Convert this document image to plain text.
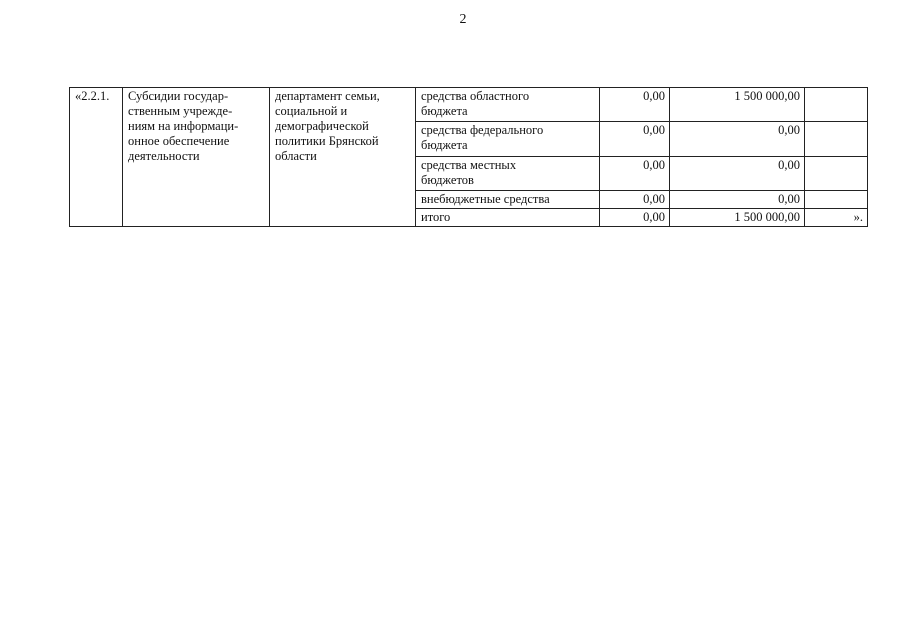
2
«2.2.1.	Субсидии государ-
ственным учрежде-
ниям на информаци-
онное обеспечение
деятельности	департамент семьи,
социальной и
демографической
политики Брянской
области	средства областного
бюджета	0,00	1 500 000,00	
			средства федерального
бюджета	0,00	0,00	
			средства местных
бюджетов	0,00	0,00	
			внебюджетные средства	0,00	0,00	
			итого	0,00	1 500 000,00	».
